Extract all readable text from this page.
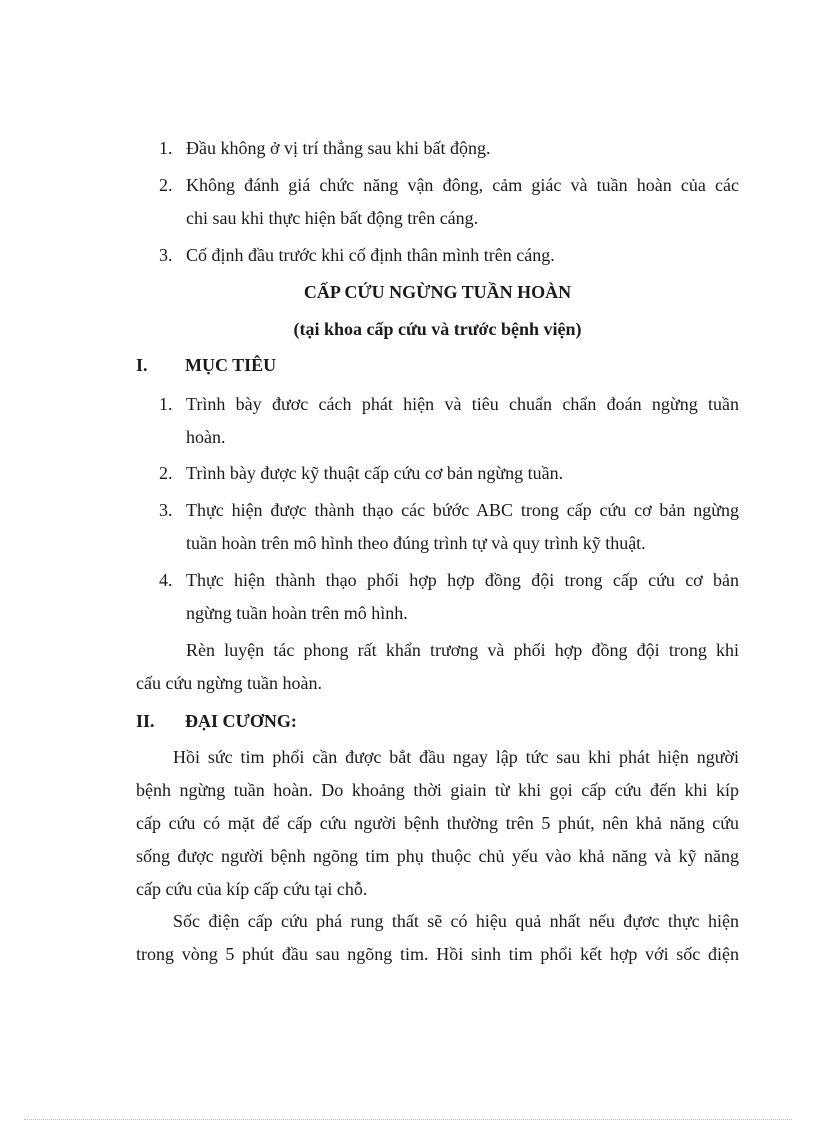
1. Đầu không ở vị trí thẳng sau khi bất động.
2. Không đánh giá chức năng vận đông, cảm giác và tuần hoàn của các
chi sau khi thực hiện bất động trên cáng.
3. Cố định đầu trước khi cố định thân mình trên cáng.
CẤP CỨU NGỪNG TUẦN HOÀN
(tại khoa cấp cứu và trước bệnh viện)
I. MỤC TIÊU
1. Trình bày đươc cách phát hiện và tiêu chuẩn chẩn đoán ngừng tuần
hoàn.
2. Trình bày được kỹ thuật cấp cứu cơ bản ngừng tuần.
3. Thực hiện được thành thạo các bứớc ABC trong cấp cứu cơ bản ngừng
tuần hoàn trên mô hình theo đúng trình tự và quy trình kỹ thuật.
4. Thực hiện thành thạo phối hợp hợp đồng đội trong cấp cứu cơ bản
ngừng tuần hoàn trên mô hình.
Rèn luyện tác phong rất khẩn trương và phối hợp đồng đội trong khi
cấu cứu ngừng tuần hoàn.
II. ĐẠI CƯƠNG:
Hồi sức tim phổi cần được bắt đầu ngay lập tức sau khi phát hiện người
bệnh ngừng tuần hoàn. Do khoảng thời giain từ khi gọi cấp cứu đến khi kíp
cấp cứu có mặt để cấp cứu người bệnh thường trên 5 phút, nên khả năng cứu
sống được người bệnh ngõng tim phụ thuộc chủ yếu vào khả năng và kỹ năng
cấp cứu của kíp cấp cứu tại chỗ.
Sốc điện cấp cứu phá rung thất sẽ có hiệu quả nhất nếu đựơc thực hiện
trong vòng 5 phút đầu sau ngõng tim. Hồi sinh tim phổi kết hợp với sốc điện
